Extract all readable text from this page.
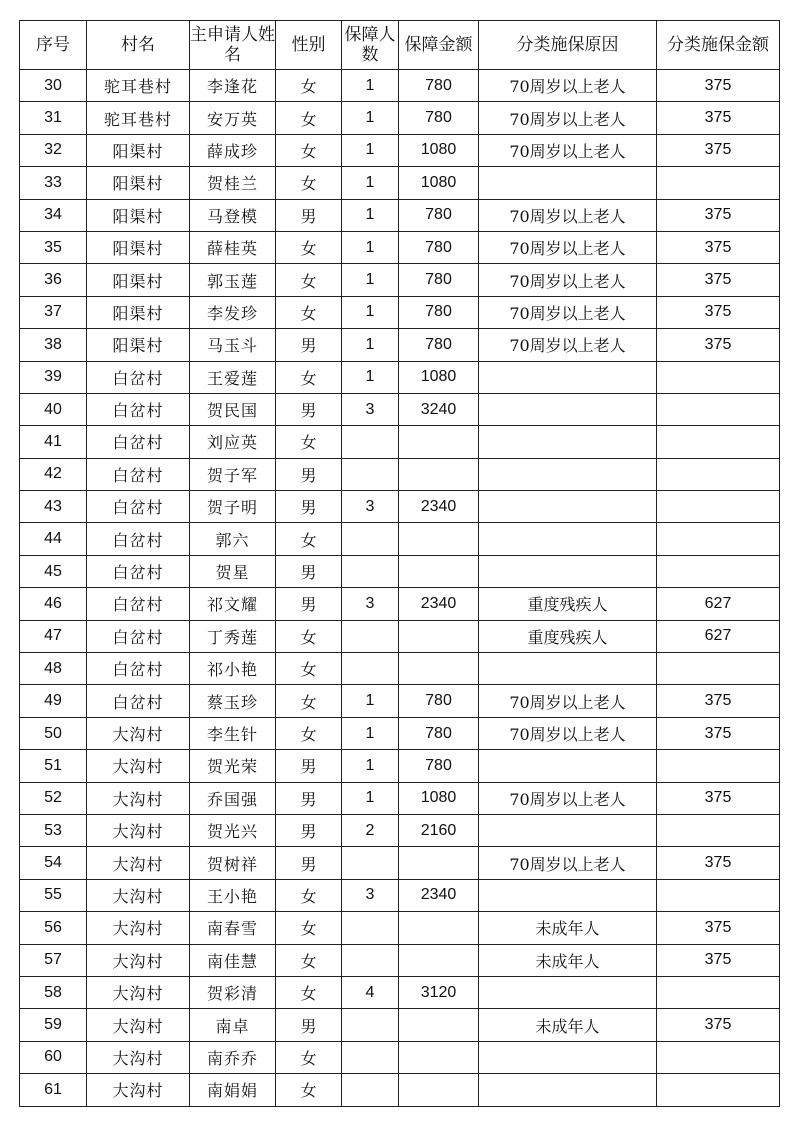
序号	村名	主申请人姓名	性别	保障人数	保障金额	分类施保原因	分类施保金额
30	驼耳巷村	李逢花	女	1	780	70周岁以上老人	375
31	驼耳巷村	安万英	女	1	780	70周岁以上老人	375
32	阳渠村	薛成珍	女	1	1080	70周岁以上老人	375
33	阳渠村	贺桂兰	女	1	1080		
34	阳渠村	马登模	男	1	780	70周岁以上老人	375
35	阳渠村	薛桂英	女	1	780	70周岁以上老人	375
36	阳渠村	郭玉莲	女	1	780	70周岁以上老人	375
37	阳渠村	李发珍	女	1	780	70周岁以上老人	375
38	阳渠村	马玉斗	男	1	780	70周岁以上老人	375
39	白岔村	王爱莲	女	1	1080		
40	白岔村	贺民国	男	3	3240		
41	白岔村	刘应英	女				
42	白岔村	贺子军	男				
43	白岔村	贺子明	男	3	2340		
44	白岔村	郭六	女				
45	白岔村	贺星	男				
46	白岔村	祁文耀	男	3	2340	重度残疾人	627
47	白岔村	丁秀莲	女			重度残疾人	627
48	白岔村	祁小艳	女				
49	白岔村	蔡玉珍	女	1	780	70周岁以上老人	375
50	大沟村	李生针	女	1	780	70周岁以上老人	375
51	大沟村	贺光荣	男	1	780		
52	大沟村	乔国强	男	1	1080	70周岁以上老人	375
53	大沟村	贺光兴	男	2	2160		
54	大沟村	贺树祥	男			70周岁以上老人	375
55	大沟村	王小艳	女	3	2340		
56	大沟村	南春雪	女			未成年人	375
57	大沟村	南佳慧	女			未成年人	375
58	大沟村	贺彩清	女	4	3120		
59	大沟村	南卓	男			未成年人	375
60	大沟村	南乔乔	女				
61	大沟村	南娟娟	女				
